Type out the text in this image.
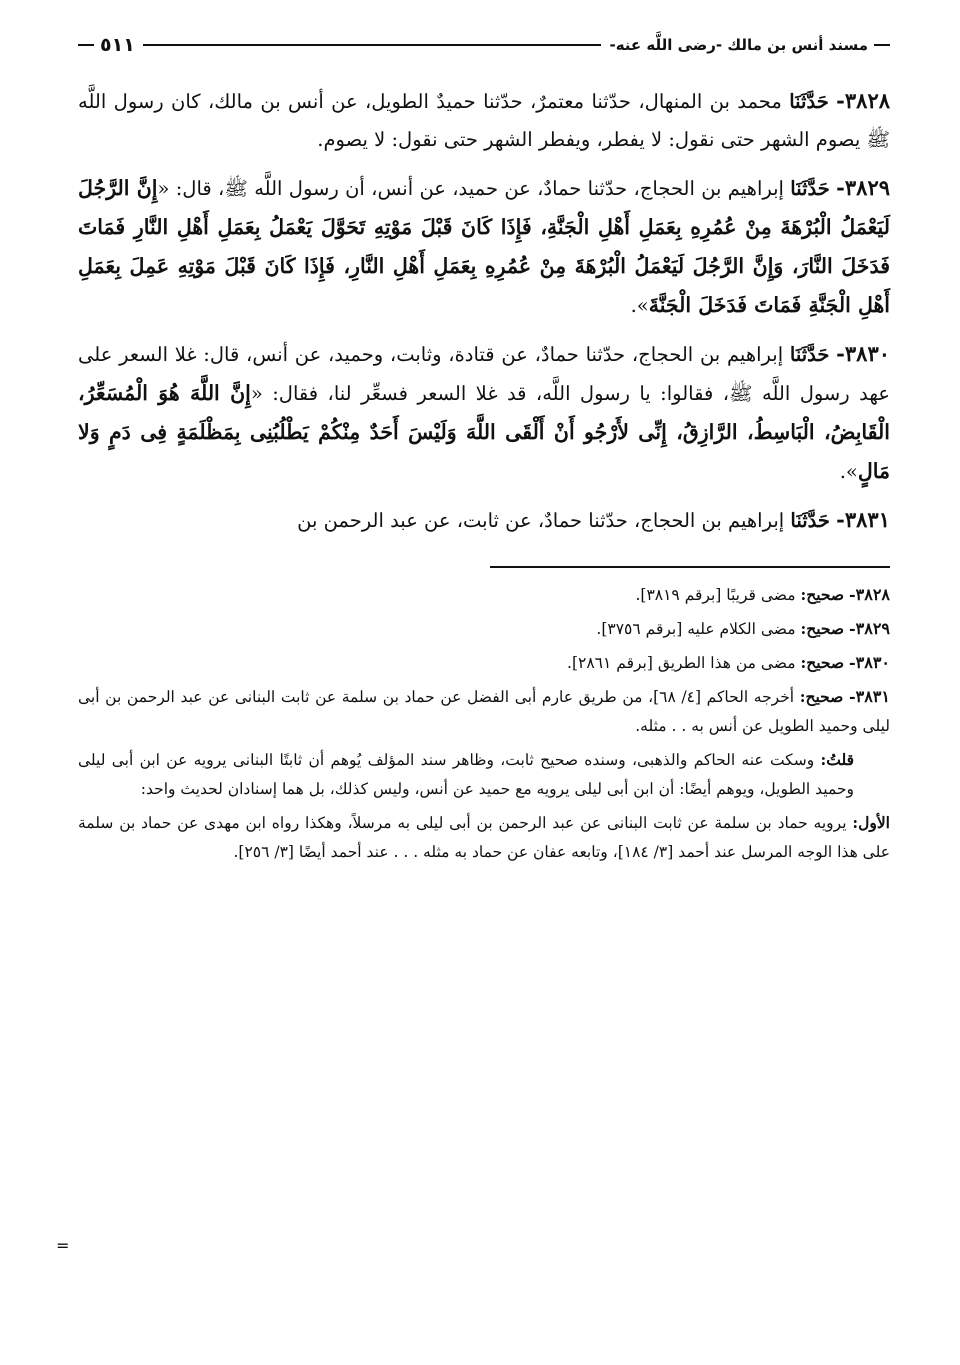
مسند أنس بن مالك -رضى اللَّه عنه-
٥١١

٣٨٢٨- حَدَّثَنَا محمد بن المنهال، حدّثنا معتمرٌ، حدّثنا حميدٌ الطويل، عن أنس بن مالك، كان رسول اللَّه ﷺ يصوم الشهر حتى نقول: لا يفطر، ويفطر الشهر حتى نقول: لا يصوم.

٣٨٢٩- حَدَّثَنَا إبراهيم بن الحجاج، حدّثنا حمادٌ، عن حميد، عن أنس، أن رسول اللَّه ﷺ، قال: «إِنَّ الرَّجُلَ لَيَعْمَلُ الْبُرْهَةَ مِنْ عُمُرِهِ بِعَمَلِ أَهْلِ الْجَنَّةِ، فَإِذَا كَانَ قَبْلَ مَوْتِهِ تَحَوَّلَ يَعْمَلُ بِعَمَلِ أَهْلِ النَّارِ فَمَاتَ فَدَخَلَ النَّارَ، وَإِنَّ الرَّجُلَ لَيَعْمَلُ الْبُرْهَةَ مِنْ عُمُرِهِ بِعَمَلِ أَهْلِ النَّارِ، فَإِذَا كَانَ قَبْلَ مَوْتِهِ عَمِلَ بِعَمَلِ أَهْلِ الْجَنَّةِ فَمَاتَ فَدَخَلَ الْجَنَّةَ».

٣٨٣٠- حَدَّثَنَا إبراهيم بن الحجاج، حدّثنا حمادٌ، عن قتادة، وثابت، وحميد، عن أنس، قال: غلا السعر على عهد رسول اللَّه ﷺ، فقالوا: يا رسول اللَّه، قد غلا السعر فسعِّر لنا، فقال: «إِنَّ اللَّهَ هُوَ الْمُسَعِّرُ، الْقَابِضُ، الْبَاسِطُ، الرَّازِقُ، إِنِّى لأَرْجُو أَنْ أَلْقَى اللَّهَ وَلَيْسَ أَحَدٌ مِنْكُمْ يَطْلُبُنِى بِمَظْلَمَةٍ فِى دَمٍ وَلا مَالٍ».

٣٨٣١- حَدَّثَنَا إبراهيم بن الحجاج، حدّثنا حمادٌ، عن ثابت، عن عبد الرحمن بن

٣٨٢٨- صحيح: مضى قريبًا [برقم ٣٨١٩].

٣٨٢٩- صحيح: مضى الكلام عليه [برقم ٣٧٥٦].

٣٨٣٠- صحيح: مضى من هذا الطريق [برقم ٢٨٦١].

٣٨٣١- صحيح: أخرجه الحاكم [٤/ ٦٨]، من طريق عارم أبى الفضل عن حماد بن سلمة عن ثابت البنانى عن عبد الرحمن بن أبى ليلى وحميد الطويل عن أنس به . . مثله.

قلتُ: وسكت عنه الحاكم والذهبى، وسنده صحيح ثابت، وظاهر سند المؤلف يُوهم أن ثابتًا البنانى يرويه عن ابن أبى ليلى وحميد الطويل، ويوهم أيضًا: أن ابن أبى ليلى يرويه مع حميد عن أنس، وليس كذلك، بل هما إسنادان لحديث واحد:

الأول: يرويه حماد بن سلمة عن ثابت البنانى عن عبد الرحمن بن أبى ليلى به مرسلاً، وهكذا رواه ابن مهدى عن حماد بن سلمة على هذا الوجه المرسل عند أحمد [٣/ ١٨٤]، وتابعه عفان عن حماد به مثله . . . عند أحمد أيضًا [٣/ ٢٥٦].

=
